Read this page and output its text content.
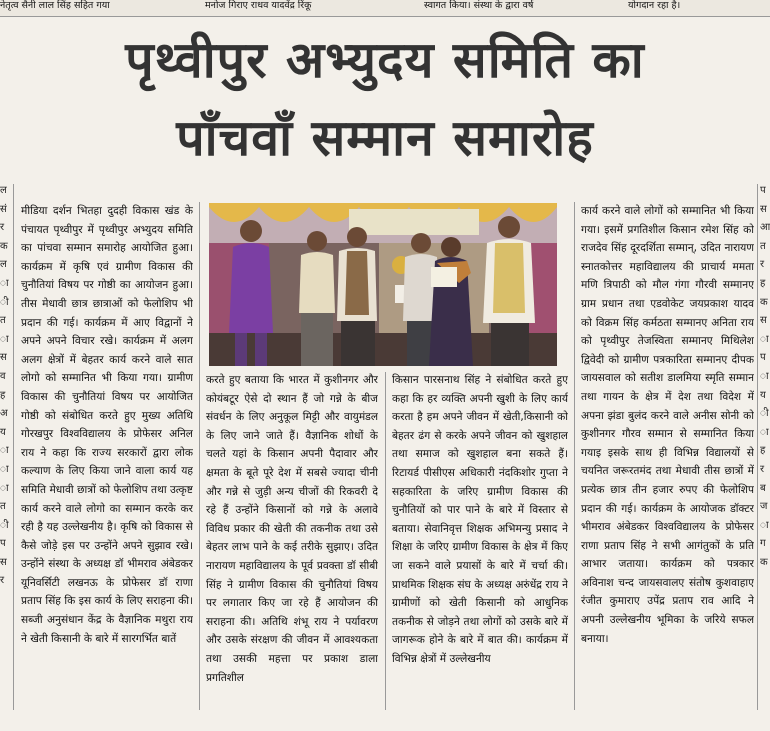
नेतृत्व सैनी लाल सिंह सहित गया	मनोज गिराए राधव यादवेंद्र रिंकू	स्वागत किया। संस्था के द्वारा वर्ष	योगदान रहा है।
पृथ्वीपुर अभ्युदय समिति का
पाँचवाँ सम्मान समारोह
ल सं र क ल ा ी त ा स व ह अ य ा ा ा त ी प स र

मीडिया दर्शन भितहा दुदही विकास खंड के पंचायत पृथ्वीपुर में पृथ्वीपुर अभ्युदय समिति का पांचवा सम्मान समारोह आयोजित हुआ। कार्यक्रम में कृषि एवं ग्रामीण विकास की चुनौतियां विषय पर गोष्ठी का आयोजन हुआ। तीस मेधावी छात्र छात्राओं को फेलोशिप भी प्रदान की गई। कार्यक्रम में आए विद्वानों ने अपने अपने विचार रखे। कार्यक्रम में अलग अलग क्षेत्रों में बेहतर कार्य करने वाले सात लोगो को सम्मानित भी किया गया। ग्रामीण विकास की चुनौतियां विषय पर आयोजित गोष्ठी को संबोधित करते हुए मुख्य अतिथि गोरखपुर विश्वविद्यालय के प्रोफेसर अनिल राय ने कहा कि राज्य सरकारों द्वारा लोक कल्याण के लिए किया जाने वाला कार्य यह समिति मेधावी छात्रों को फेलोशिप तथा उत्कृष्ट कार्य करने वाले लोगो का सम्मान करके कर रही है यह उल्लेखनीय है। कृषि को विकास से कैसे जोड़े इस पर उन्होंने अपने सुझाव रखे। उन्होंने संस्था के अध्यक्ष डॉ भीमराव अंबेडकर यूनिवर्सिटी लखनऊ के प्रोफेसर डॉ राणा प्रताप सिंह कि इस कार्य के लिए सराहना की। सब्जी अनुसंधान केंद्र के वैज्ञानिक मथुरा राय ने खेती किसानी के बारे में सारगर्भित बातें

करते हुए बताया कि भारत में कुशीनगर और कोयंबटूर ऐसे दो स्थान हैं जो गन्ने के बीज संवर्धन के लिए अनुकूल मिट्टी और वायुमंडल के लिए जाने जाते हैं। वैज्ञानिक शोधों के चलते यहां के किसान अपनी पैदावार और क्षमता के बूते पूरे देश में सबसे ज्यादा चीनी और गन्ने से जुड़ी अन्य चीजों की रिकवरी दे रहे हैं उन्होंने किसानों को गन्ने के अलावे विविध प्रकार की खेती की तकनीक तथा उसे बेहतर लाभ पाने के कई तरीके सुझाए। उदित नारायण महाविद्यालय के पूर्व प्रवक्ता डॉ सीबी सिंह ने ग्रामीण विकास की चुनौतियां विषय पर लगातार किए जा रहे हैं आयोजन की सराहना की। अतिथि शंभू राय ने पर्यावरण और उसके संरक्षण की जीवन में आवश्यकता तथा उसकी महत्ता पर प्रकाश डाला प्रगतिशील

किसान पारसनाथ सिंह ने संबोधित करते हुए कहा कि हर व्यक्ति अपनी खुशी के लिए कार्य करता है हम अपने जीवन में खेती,किसानी को बेहतर ढंग से करके अपने जीवन को खुशहाल तथा समाज को खुशहाल बना सकते हैं। रिटायर्ड पीसीएस अधिकारी नंदकिशोर गुप्ता ने सहकारिता के जरिए ग्रामीण विकास की चुनौतियों को पार पाने के बारे में विस्तार से बताया। सेवानिवृत्त शिक्षक अभिमन्यु प्रसाद ने शिक्षा के जरिए ग्रामीण विकास के क्षेत्र में किए जा सकने वाले प्रयासों के बारे में चर्चा की। प्राथमिक शिक्षक संघ के अध्यक्ष अरुंधेंद्र राय ने ग्रामीणों को खेती किसानी को आधुनिक तकनीक से जोड़ने तथा लोगों को उसके बारे में जागरूक होने के बारे में बात की। कार्यक्रम में विभिन्न क्षेत्रों में उल्लेखनीय

कार्य करने वाले लोगों को सम्मानित भी किया गया। इसमें प्रगतिशील किसान रमेश सिंह को राजदेव सिंह दूरदर्शिता सम्मान्, उदित नारायण स्नातकोत्तर महाविद्यालय की प्राचार्य ममता मणि त्रिपाठी को मौल गंगा गौरवी सम्मानए ग्राम प्रधान तथा एडवोकेट जयप्रकाश यादव को विक्रम सिंह कर्मठता सम्मानए अनिता राय को पृथ्वीपुर तेजस्विता सम्मानए मिथिलेश द्विवेदी को ग्रामीण पत्रकारिता सम्मानए दीपक जायसवाल को सतीश डालमिया स्मृति सम्मान तथा गायन के क्षेत्र में देश तथा विदेश में अपना झंडा बुलंद करने वाले अनीस सोनी को कुशीनगर गौरव सम्मान से सम्मानित किया गयाइ इसके साथ ही विभिन्न विद्यालयों से चयनित जरूरतमंद तथा मेधावी तीस छात्रों में प्रत्येक छात्र तीन हजार रुपए की फेलोशिप प्रदान की गई। कार्यक्रम के आयोजक डॉक्टर भीमराव अंबेडकर विश्वविद्यालय के प्रोफेसर राणा प्रताप सिंह ने सभी आगंतुकों के प्रति आभार जताया। कार्यक्रम को पत्रकार अविनाश चन्द जायसवालए संतोष कुशवाहाए रंजीत कुमाराए उपेंद्र प्रताप राव आदि ने अपनी उल्लेखनीय भूमिका के जरिये सफल बनाया।

प स आ त र ह क स ा प ा य ी ा ह र ब ज ा ग क
